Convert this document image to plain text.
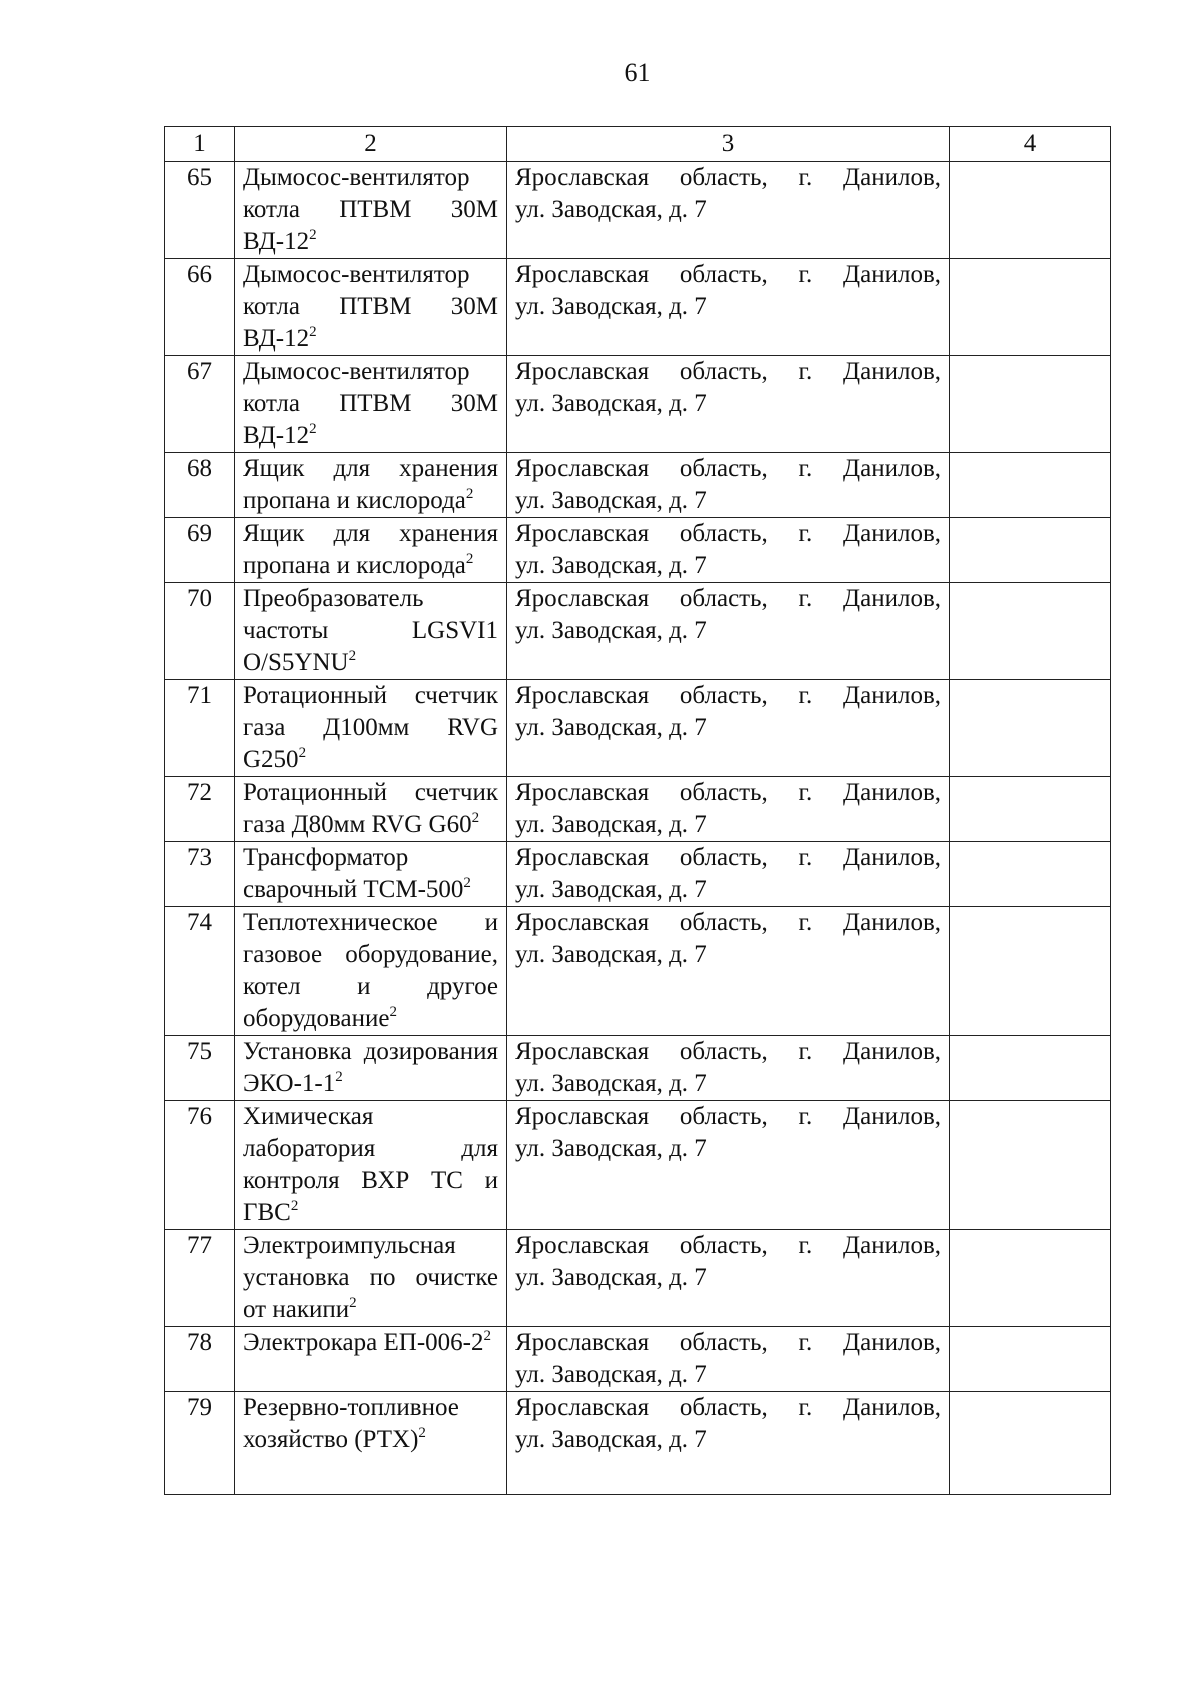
61
1	2	3	4
65	Дымосос-вентилятор котла ПТВМ 30М $ВД-12^2$	Ярославская область, г. Данилов,
ул. Заводская, д. 7	

66	Дымосос-вентилятор котла ПТВМ 30М $ВД-12^2$	Ярославская область, г. Данилов,
ул. Заводская, д. 7	

67	Дымосос-вентилятор котла ПТВМ 30М $ВД-12^2$	Ярославская область, г. Данилов,
ул. Заводская, д. 7	

68	Ящик для хранения пропана и кислорода$^2$	Ярославская область, г. Данилов,
ул. Заводская, д. 7	

69	Ящик для хранения пропана и кислорода$^2$	Ярославская область, г. Данилов,
ул. Заводская, д. 7	

70	Преобразователь частоты LGSVI1 O/S5YNU$^2$	Ярославская область, г. Данилов,
ул. Заводская, д. 7	

71	Ротационный счетчик газа Д100мм RVG $G250^2$	Ярославская область, г. Данилов,
ул. Заводская, д. 7	

72	Ротационный счетчик газа Д80мм RVG $G60^2$	Ярославская область, г. Данилов,
ул. Заводская, д. 7	

73	Трансформатор сварочный ТСМ-$500^2$	Ярославская область, г. Данилов,
ул. Заводская, д. 7	

74	Теплотехническое и газовое оборудование, котел и другое оборудование$^2$	Ярославская область, г. Данилов,
ул. Заводская, д. 7	

75	Установка дозирования ЭКО-$1-1^2$	Ярославская область, г. Данилов,
ул. Заводская, д. 7	

76	Химическая лаборатория для контроля ВХР ТС и ГВС$^2$	Ярославская область, г. Данилов,
ул. Заводская, д. 7	

77	Электроимпульсная установка по очистке от накипи$^2$	Ярославская область, г. Данилов,
ул. Заводская, д. 7	

78	Электрокара $ЕП-006-2^2$	Ярославская область, г. Данилов,
ул. Заводская, д. 7	

79	Резервно-топливное хозяйство (РТХ)$^2$	Ярославская область, г. Данилов,
ул. Заводская, д. 7	
